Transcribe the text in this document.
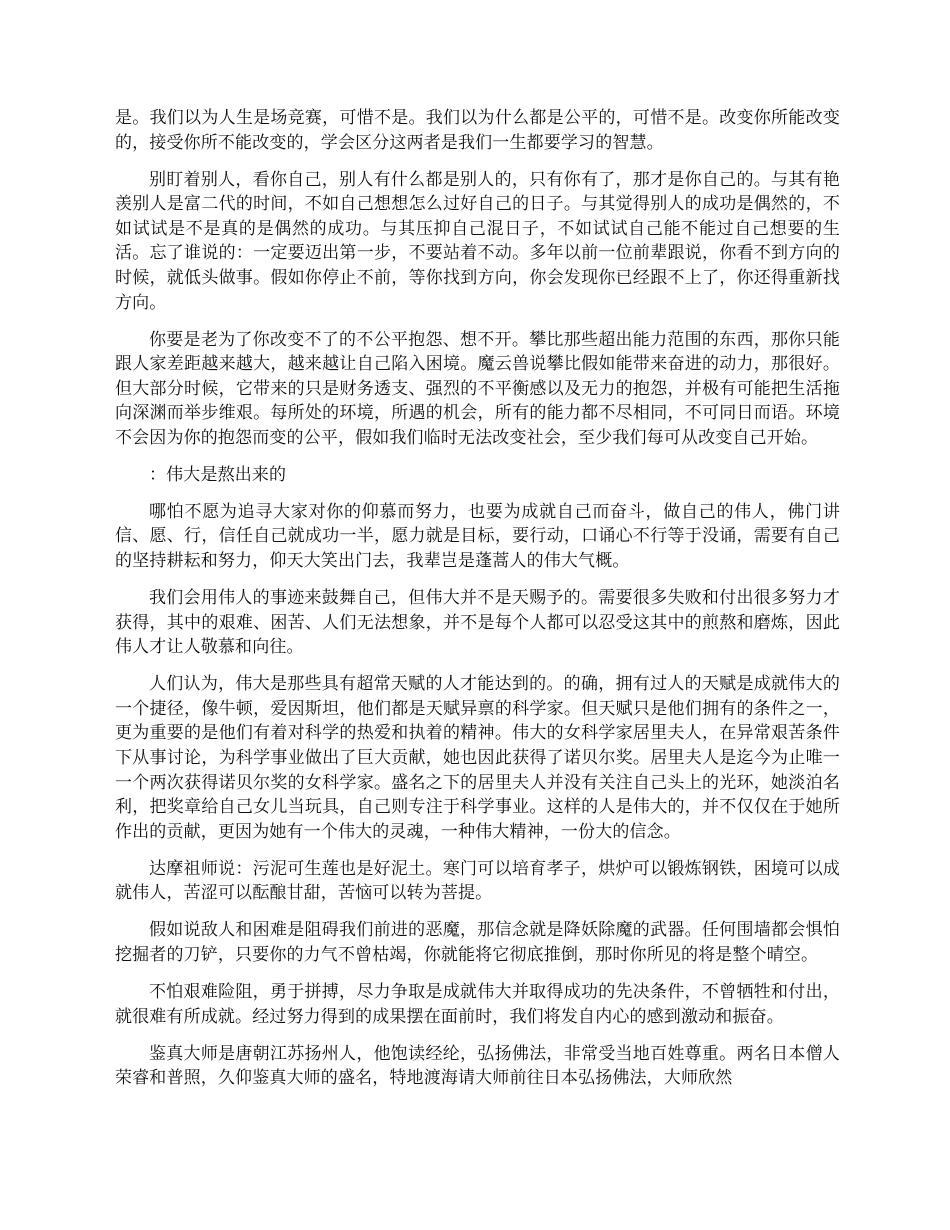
是。我们以为人生是场竞赛，可惜不是。我们以为什么都是公平的，可惜不是。改变你所能改变的，接受你所不能改变的，学会区分这两者是我们一生都要学习的智慧。

别盯着别人，看你自己，别人有什么都是别人的，只有你有了，那才是你自己的。与其有艳羡别人是富二代的时间，不如自己想想怎么过好自己的日子。与其觉得别人的成功是偶然的，不如试试是不是真的是偶然的成功。与其压抑自己混日子，不如试试自己能不能过自己想要的生活。忘了谁说的：一定要迈出第一步，不要站着不动。多年以前一位前辈跟说，你看不到方向的时候，就低头做事。假如你停止不前，等你找到方向，你会发现你已经跟不上了，你还得重新找方向。

你要是老为了你改变不了的不公平抱怨、想不开。攀比那些超出能力范围的东西，那你只能跟人家差距越来越大，越来越让自己陷入困境。魔云兽说攀比假如能带来奋进的动力，那很好。但大部分时候，它带来的只是财务透支、强烈的不平衡感以及无力的抱怨，并极有可能把生活拖向深渊而举步维艰。每所处的环境，所遇的机会，所有的能力都不尽相同，不可同日而语。环境不会因为你的抱怨而变的公平，假如我们临时无法改变社会，至少我们每可从改变自己开始。

：伟大是熬出来的

哪怕不愿为追寻大家对你的仰慕而努力，也要为成就自己而奋斗，做自己的伟人，佛门讲信、愿、行，信任自己就成功一半，愿力就是目标，要行动，口诵心不行等于没诵，需要有自己的坚持耕耘和努力，仰天大笑出门去，我辈岂是蓬蒿人的伟大气概。

我们会用伟人的事迹来鼓舞自己，但伟大并不是天赐予的。需要很多失败和付出很多努力才获得，其中的艰难、困苦、人们无法想象，并不是每个人都可以忍受这其中的煎熬和磨炼，因此伟人才让人敬慕和向往。

人们认为，伟大是那些具有超常天赋的人才能达到的。的确，拥有过人的天赋是成就伟大的一个捷径，像牛顿，爱因斯坦，他们都是天赋异禀的科学家。但天赋只是他们拥有的条件之一，更为重要的是他们有着对科学的热爱和执着的精神。伟大的女科学家居里夫人，在异常艰苦条件下从事讨论，为科学事业做出了巨大贡献，她也因此获得了诺贝尔奖。居里夫人是迄今为止唯一一个两次获得诺贝尔奖的女科学家。盛名之下的居里夫人并没有关注自己头上的光环，她淡泊名利，把奖章给自己女儿当玩具，自己则专注于科学事业。这样的人是伟大的，并不仅仅在于她所作出的贡献，更因为她有一个伟大的灵魂，一种伟大精神，一份大的信念。

达摩祖师说：污泥可生莲也是好泥土。寒门可以培育孝子，烘炉可以锻炼钢铁，困境可以成就伟人，苦涩可以酝酿甘甜，苦恼可以转为菩提。

假如说敌人和困难是阻碍我们前进的恶魔，那信念就是降妖除魔的武器。任何围墙都会惧怕挖掘者的刀铲，只要你的力气不曾枯竭，你就能将它彻底推倒，那时你所见的将是整个晴空。

不怕艰难险阻，勇于拼搏，尽力争取是成就伟大并取得成功的先决条件，不曾牺牲和付出，就很难有所成就。经过努力得到的成果摆在面前时，我们将发自内心的感到激动和振奋。

鉴真大师是唐朝江苏扬州人，他饱读经纶，弘扬佛法，非常受当地百姓尊重。两名日本僧人荣睿和普照，久仰鉴真大师的盛名，特地渡海请大师前往日本弘扬佛法，大师欣然
